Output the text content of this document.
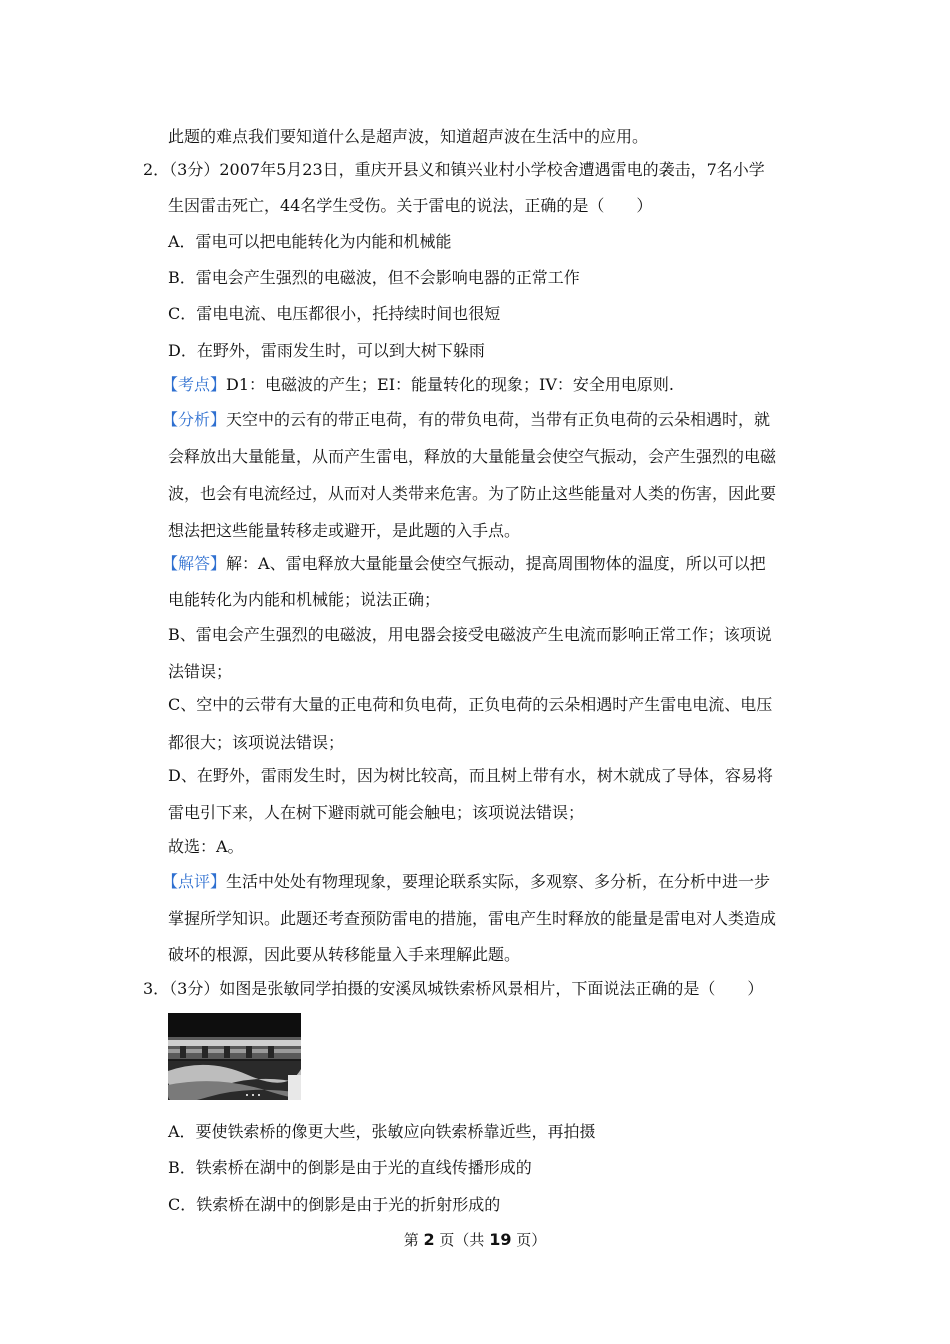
此题的难点我们要知道什么是超声波，知道超声波在生活中的应用。
2．（3分）2007年5月23日，重庆开县义和镇兴业村小学校舍遭遇雷电的袭击，7名小学
生因雷击死亡，44名学生受伤。关于雷电的说法，正确的是（　　）
A．雷电可以把电能转化为内能和机械能
B．雷电会产生强烈的电磁波，但不会影响电器的正常工作
C．雷电电流、电压都很小，托持续时间也很短
D．在野外，雷雨发生时，可以到大树下躲雨
【考点】D1：电磁波的产生；EI：能量转化的现象；IV：安全用电原则.
【分析】天空中的云有的带正电荷，有的带负电荷，当带有正负电荷的云朵相遇时，就
会释放出大量能量，从而产生雷电，释放的大量能量会使空气振动，会产生强烈的电磁
波，也会有电流经过，从而对人类带来危害。为了防止这些能量对人类的伤害，因此要
想法把这些能量转移走或避开，是此题的入手点。
【解答】解：A、雷电释放大量能量会使空气振动，提高周围物体的温度，所以可以把
电能转化为内能和机械能；说法正确；
B、雷电会产生强烈的电磁波，用电器会接受电磁波产生电流而影响正常工作；该项说
法错误；
C、空中的云带有大量的正电荷和负电荷，正负电荷的云朵相遇时产生雷电电流、电压
都很大；该项说法错误；
D、在野外，雷雨发生时，因为树比较高，而且树上带有水，树木就成了导体，容易将
雷电引下来，人在树下避雨就可能会触电；该项说法错误；
故选：A。
【点评】生活中处处有物理现象，要理论联系实际，多观察、多分析，在分析中进一步
掌握所学知识。此题还考查预防雷电的措施，雷电产生时释放的能量是雷电对人类造成
破坏的根源，因此要从转移能量入手来理解此题。
3．（3分）如图是张敏同学拍摄的安溪凤城铁索桥风景相片，下面说法正确的是（　　）
A．要使铁索桥的像更大些，张敏应向铁索桥靠近些，再拍摄
B．铁索桥在湖中的倒影是由于光的直线传播形成的
C．铁索桥在湖中的倒影是由于光的折射形成的
第 2 页（共 19 页）
